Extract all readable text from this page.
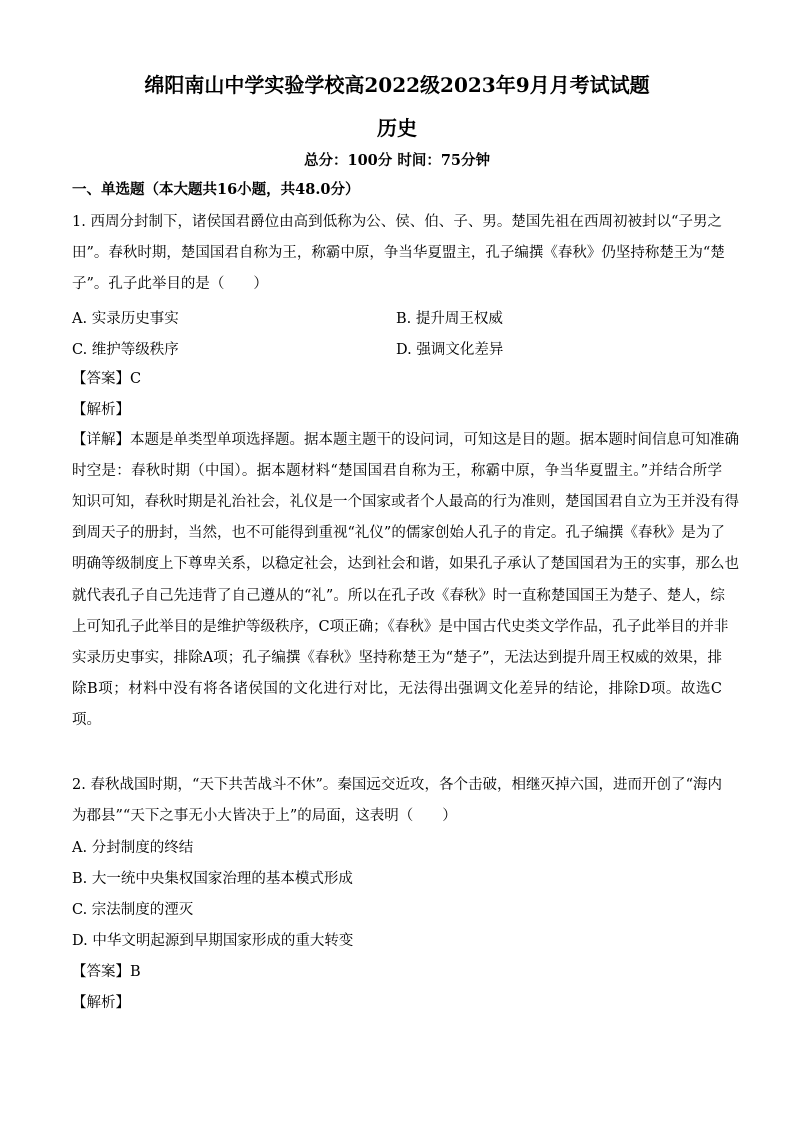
绵阳南山中学实验学校高2022级2023年9月月考试试题
历史
总分：100分 时间：75分钟
一、单选题（本大题共16小题，共48.0分）
1. 西周分封制下，诸侯国君爵位由高到低称为公、侯、伯、子、男。楚国先祖在西周初被封以“子男之
田”。春秋时期，楚国国君自称为王，称霸中原，争当华夏盟主，孔子编撰《春秋》仍坚持称楚王为“楚
子”。孔子此举目的是（　　）
A. 实录历史事实	B. 提升周王权威
C. 维护等级秩序	D. 强调文化差异
【答案】C
【解析】
【详解】本题是单类型单项选择题。据本题主题干的设问词，可知这是目的题。据本题时间信息可知准确
时空是：春秋时期（中国）。据本题材料“楚国国君自称为王，称霸中原，争当华夏盟主。”并结合所学
知识可知，春秋时期是礼治社会，礼仪是一个国家或者个人最高的行为准则，楚国国君自立为王并没有得
到周天子的册封，当然，也不可能得到重视“礼仪”的儒家创始人孔子的肯定。孔子编撰《春秋》是为了
明确等级制度上下尊卑关系，以稳定社会，达到社会和谐，如果孔子承认了楚国国君为王的实事，那么也
就代表孔子自己先违背了自己遵从的“礼”。所以在孔子改《春秋》时一直称楚国国王为楚子、楚人，综
上可知孔子此举目的是维护等级秩序，C项正确；《春秋》是中国古代史类文学作品，孔子此举目的并非
实录历史事实，排除A项；孔子编撰《春秋》坚持称楚王为“楚子”，无法达到提升周王权威的效果，排
除B项；材料中没有将各诸侯国的文化进行对比，无法得出强调文化差异的结论，排除D项。故选C
项。
2. 春秋战国时期，“天下共苦战斗不休”。秦国远交近攻，各个击破，相继灭掉六国，进而开创了“海内
为郡县”“天下之事无小大皆决于上”的局面，这表明（　　）
A. 分封制度的终结
B. 大一统中央集权国家治理的基本模式形成
C. 宗法制度的湮灭
D. 中华文明起源到早期国家形成的重大转变
【答案】B
【解析】
